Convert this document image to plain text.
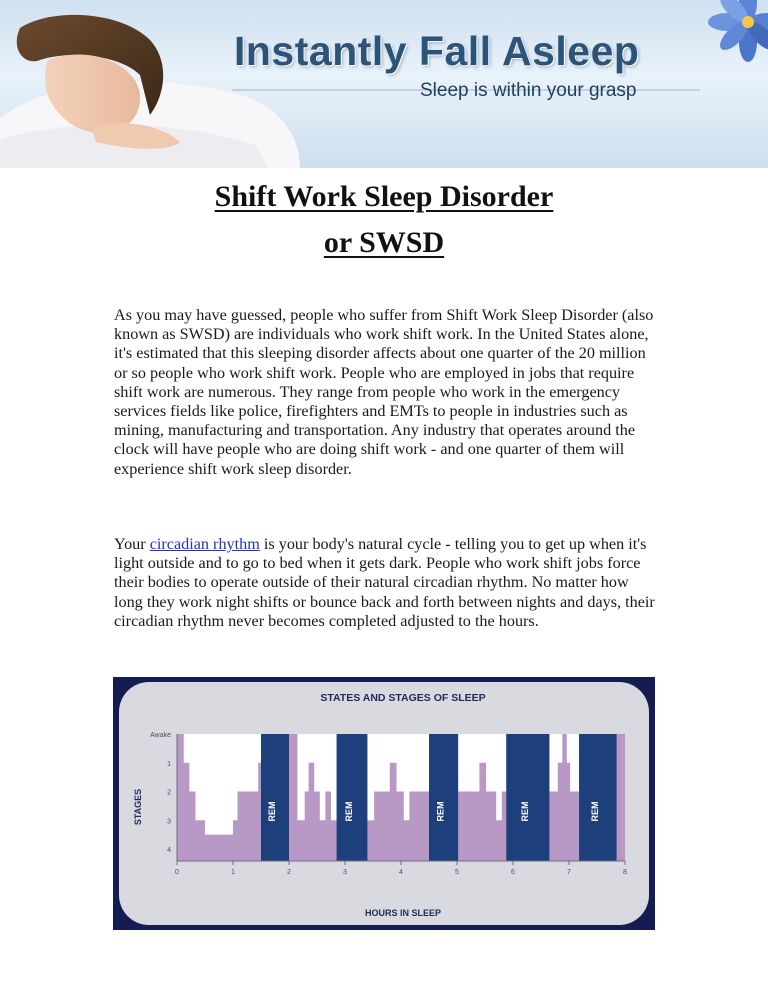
Instantly Fall Asleep
Sleep is within your grasp
Shift Work Sleep Disorder
or SWSD

As you may have guessed, people who suffer from Shift Work Sleep Disorder (also known as SWSD) are individuals who work shift work. In the United States alone, it's estimated that this sleeping disorder affects about one quarter of the 20 million or so people who work shift work. People who are employed in jobs that require shift work are numerous. They range from people who work in the emergency services fields like police, firefighters and EMTs to people in industries such as mining, manufacturing and transportation. Any industry that operates around the clock will have people who are doing shift work - and one quarter of them will experience shift work sleep disorder.

Your circadian rhythm is your body's natural cycle - telling you to get up when it's light outside and to go to bed when it gets dark. People who work shift jobs force their bodies to operate outside of their natural circadian rhythm. No matter how long they work night shifts or bounce back and forth between nights and days, their circadian rhythm never becomes completed adjusted to the hours.

STATES AND STAGES OF SLEEP
REM	REM	REM	REM	REM
Awake
1
2
3
4
0	1	2	3	4	5	6	7	8
HOURS IN SLEEP
STAGES
